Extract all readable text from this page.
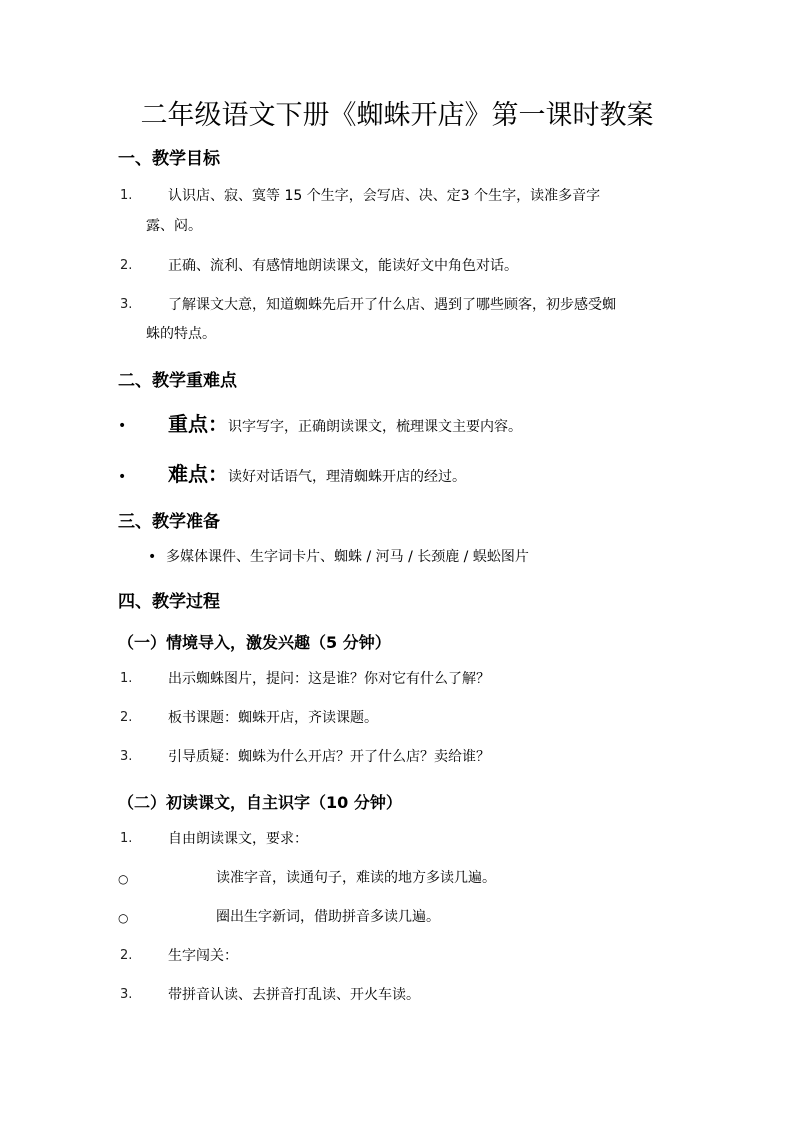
二年级语文下册《蜘蛛开店》第一课时教案
一、教学目标
1.	认识店、寂、寞等 15 个生字，会写店、决、定3 个生字，读准多音字
露、闷。
2.	正确、流利、有感情地朗读课文，能读好文中角色对话。
3.	了解课文大意，知道蜘蛛先后开了什么店、遇到了哪些顾客，初步感受蜘
蛛的特点。
二、教学重难点
• 重点：识字写字，正确朗读课文，梳理课文主要内容。
• 难点：读好对话语气，理清蜘蛛开店的经过。
三、教学准备
• 多媒体课件、生字词卡片、蜘蛛 / 河马 / 长颈鹿 / 蜈蚣图片
四、教学过程
（一）情境导入，激发兴趣（5 分钟）
1.	出示蜘蛛图片，提问：这是谁？你对它有什么了解？
2.	板书课题：蜘蛛开店，齐读课题。
3.	引导质疑：蜘蛛为什么开店？开了什么店？卖给谁？
（二）初读课文，自主识字（10 分钟）
1.	自由朗读课文，要求：
○	读准字音，读通句子，难读的地方多读几遍。
○	圈出生字新词，借助拼音多读几遍。
2.	生字闯关：
3.	带拼音认读、去拼音打乱读、开火车读。
